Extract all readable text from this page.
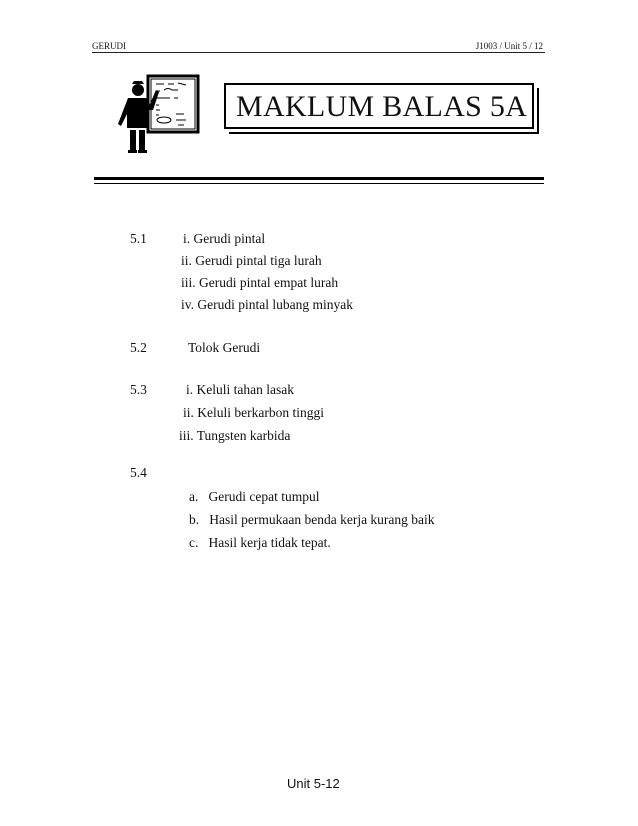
GERUDI	J1003 / Unit 5 / 12
MAKLUM BALAS 5A
5.1	i. Gerudi pintal
ii. Gerudi pintal tiga lurah
iii. Gerudi pintal empat lurah
iv. Gerudi pintal lubang minyak
5.2	Tolok Gerudi
5.3	i. Keluli tahan lasak
ii. Keluli berkarbon tinggi
iii. Tungsten karbida
5.4
a.   Gerudi cepat tumpul
b.   Hasil permukaan benda kerja kurang baik
c.   Hasil kerja tidak tepat.
Unit 5-12
